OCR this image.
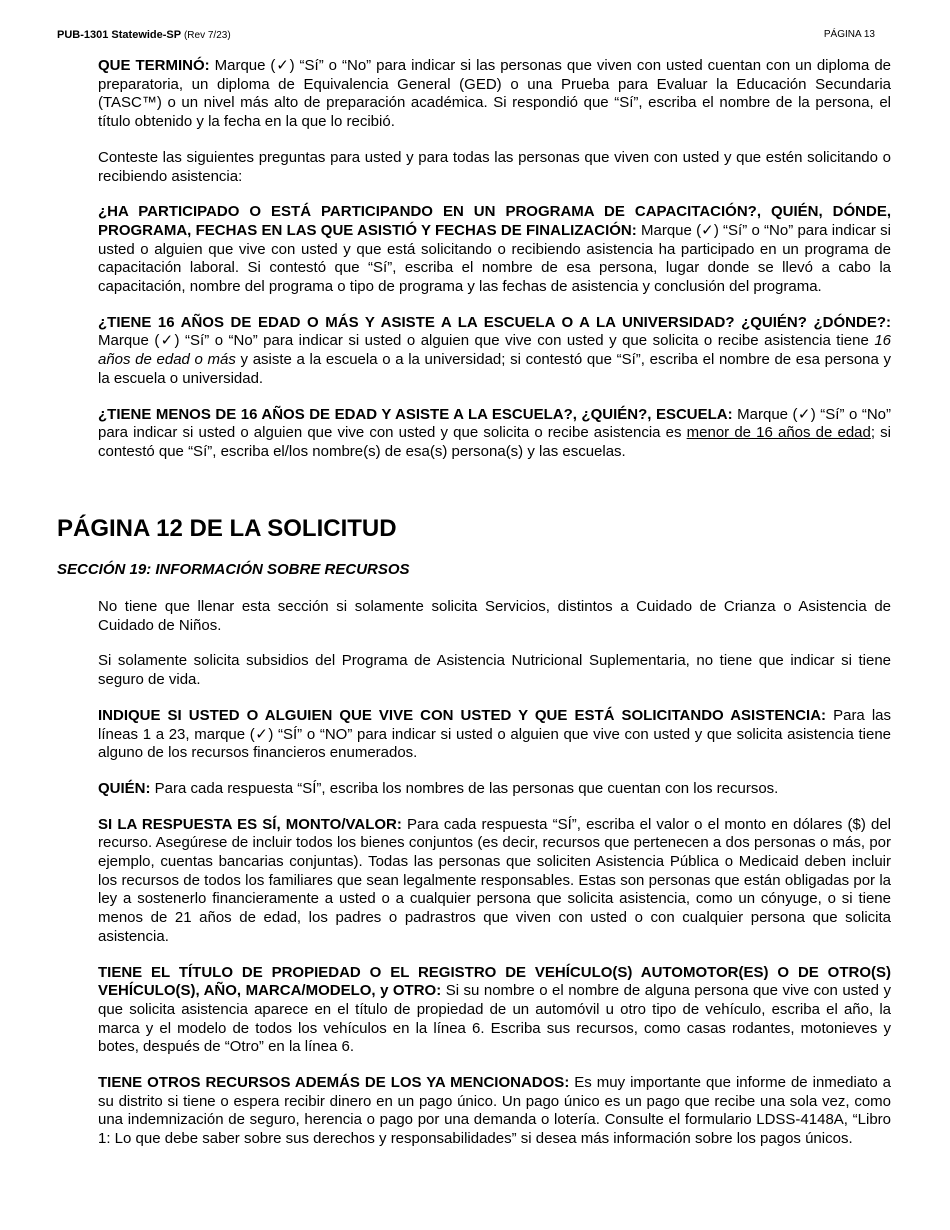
PUB-1301 Statewide-SP (Rev 7/23)	PÁGINA 13

QUE TERMINÓ: Marque (✓) “Sí” o “No” para indicar si las personas que viven con usted cuentan con un diploma de preparatoria, un diploma de Equivalencia General (GED) o una Prueba para Evaluar la Educación Secundaria (TASC™) o un nivel más alto de preparación académica. Si respondió que “Sí”, escriba el nombre de la persona, el título obtenido y la fecha en la que lo recibió.

Conteste las siguientes preguntas para usted y para todas las personas que viven con usted y que estén solicitando o recibiendo asistencia:

¿HA PARTICIPADO O ESTÁ PARTICIPANDO EN UN PROGRAMA DE CAPACITACIÓN?, QUIÉN, DÓNDE, PROGRAMA, FECHAS EN LAS QUE ASISTIÓ Y FECHAS DE FINALIZACIÓN: Marque (✓) “Sí” o “No” para indicar si usted o alguien que vive con usted y que está solicitando o recibiendo asistencia ha participado en un programa de capacitación laboral. Si contestó que “Sí”, escriba el nombre de esa persona, lugar donde se llevó a cabo la capacitación, nombre del programa o tipo de programa y las fechas de asistencia y conclusión del programa.

¿TIENE 16 AÑOS DE EDAD O MÁS Y ASISTE A LA ESCUELA O A LA UNIVERSIDAD? ¿QUIÉN? ¿DÓNDE?: Marque (✓) “Sí” o “No” para indicar si usted o alguien que vive con usted y que solicita o recibe asistencia tiene 16 años de edad o más y asiste a la escuela o a la universidad; si contestó que “Sí”, escriba el nombre de esa persona y la escuela o universidad.

¿TIENE MENOS DE 16 AÑOS DE EDAD Y ASISTE A LA ESCUELA?, ¿QUIÉN?, ESCUELA: Marque (✓) “Sí” o “No” para indicar si usted o alguien que vive con usted y que solicita o recibe asistencia es menor de 16 años de edad; si contestó que “Sí”, escriba el/los nombre(s) de esa(s) persona(s) y las escuelas.

PÁGINA 12 DE LA SOLICITUD
SECCIÓN 19: INFORMACIÓN SOBRE RECURSOS

No tiene que llenar esta sección si solamente solicita Servicios, distintos a Cuidado de Crianza o Asistencia de Cuidado de Niños.

Si solamente solicita subsidios del Programa de Asistencia Nutricional Suplementaria, no tiene que indicar si tiene seguro de vida.

INDIQUE SI USTED O ALGUIEN QUE VIVE CON USTED Y QUE ESTÁ SOLICITANDO ASISTENCIA: Para las líneas 1 a 23, marque (✓) “SÍ” o “NO” para indicar si usted o alguien que vive con usted y que solicita asistencia tiene alguno de los recursos financieros enumerados.

QUIÉN: Para cada respuesta “SÍ”, escriba los nombres de las personas que cuentan con los recursos.

SI LA RESPUESTA ES SÍ, MONTO/VALOR: Para cada respuesta “SÍ”, escriba el valor o el monto en dólares ($) del recurso. Asegúrese de incluir todos los bienes conjuntos (es decir, recursos que pertenecen a dos personas o más, por ejemplo, cuentas bancarias conjuntas). Todas las personas que soliciten Asistencia Pública o Medicaid deben incluir los recursos de todos los familiares que sean legalmente responsables. Estas son personas que están obligadas por la ley a sostenerlo financieramente a usted o a cualquier persona que solicita asistencia, como un cónyuge, o si tiene menos de 21 años de edad, los padres o padrastros que viven con usted o con cualquier persona que solicita asistencia.

TIENE EL TÍTULO DE PROPIEDAD O EL REGISTRO DE VEHÍCULO(S) AUTOMOTOR(ES) O DE OTRO(S) VEHÍCULO(S), AÑO, MARCA/MODELO, y OTRO: Si su nombre o el nombre de alguna persona que vive con usted y que solicita asistencia aparece en el título de propiedad de un automóvil u otro tipo de vehículo, escriba el año, la marca y el modelo de todos los vehículos en la línea 6. Escriba sus recursos, como casas rodantes, motonieves y botes, después de “Otro” en la línea 6.

TIENE OTROS RECURSOS ADEMÁS DE LOS YA MENCIONADOS: Es muy importante que informe de inmediato a su distrito si tiene o espera recibir dinero en un pago único. Un pago único es un pago que recibe una sola vez, como una indemnización de seguro, herencia o pago por una demanda o lotería. Consulte el formulario LDSS-4148A, “Libro 1: Lo que debe saber sobre sus derechos y responsabilidades” si desea más información sobre los pagos únicos.
